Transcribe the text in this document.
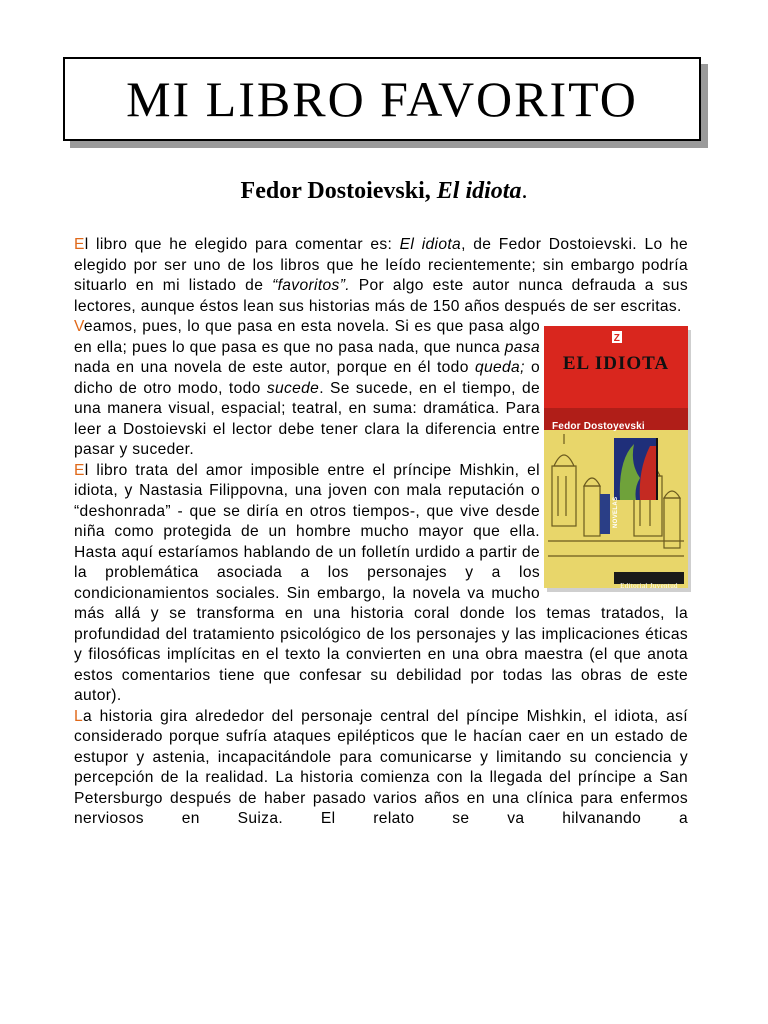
MI LIBRO FAVORITO
Fedor Dostoievski, El idiota.

El libro que he elegido para comentar es: El idiota, de Fedor Dostoievski. Lo he elegido por ser uno de los libros que he leído recientemente; sin embargo podría situarlo en mi listado de “favoritos”. Por algo este autor nunca defrauda a sus lectores, aunque éstos lean sus historias más de 150 años después de ser escritas.

Z
EL IDIOTA
Fedor Dostoyevski
NOVELAS
Editorial Juventud

Veamos, pues, lo que pasa en esta novela. Si es que pasa algo en ella; pues lo que pasa es que no pasa nada, que nunca pasa nada en una novela de este autor, porque en él todo queda; o dicho de otro modo, todo sucede. Se sucede, en el tiempo, de una manera visual, espacial; teatral, en suma: dramática. Para leer a Dostoievski el lector debe tener clara la diferencia entre pasar y suceder.

El libro trata del amor imposible entre el príncipe Mishkin, el idiota, y Nastasia Filippovna, una joven con mala reputación o “deshonrada” - que se diría en otros tiempos-, que vive desde niña como protegida de un hombre mucho mayor que ella. Hasta aquí estaríamos hablando de un folletín urdido a partir de la problemática asociada a los personajes y a los condicionamientos sociales. Sin embargo, la novela va mucho más allá y se transforma en una historia coral donde los temas tratados, la profundidad del tratamiento psicológico de los personajes y las implicaciones éticas y filosóficas implícitas en el texto la convierten en una obra maestra (el que anota estos comentarios tiene que confesar su debilidad por todas las obras de este autor).

La historia gira alrededor del personaje central del píncipe Mishkin, el idiota, así considerado porque sufría ataques epilépticos que le hacían caer en un estado de estupor y astenia, incapacitándole para comunicarse y limitando su conciencia y percepción de la realidad. La historia comienza con la llegada del príncipe a San Petersburgo después de haber pasado varios años en una clínica para enfermos nerviosos en Suiza. El relato se va hilvanando a
